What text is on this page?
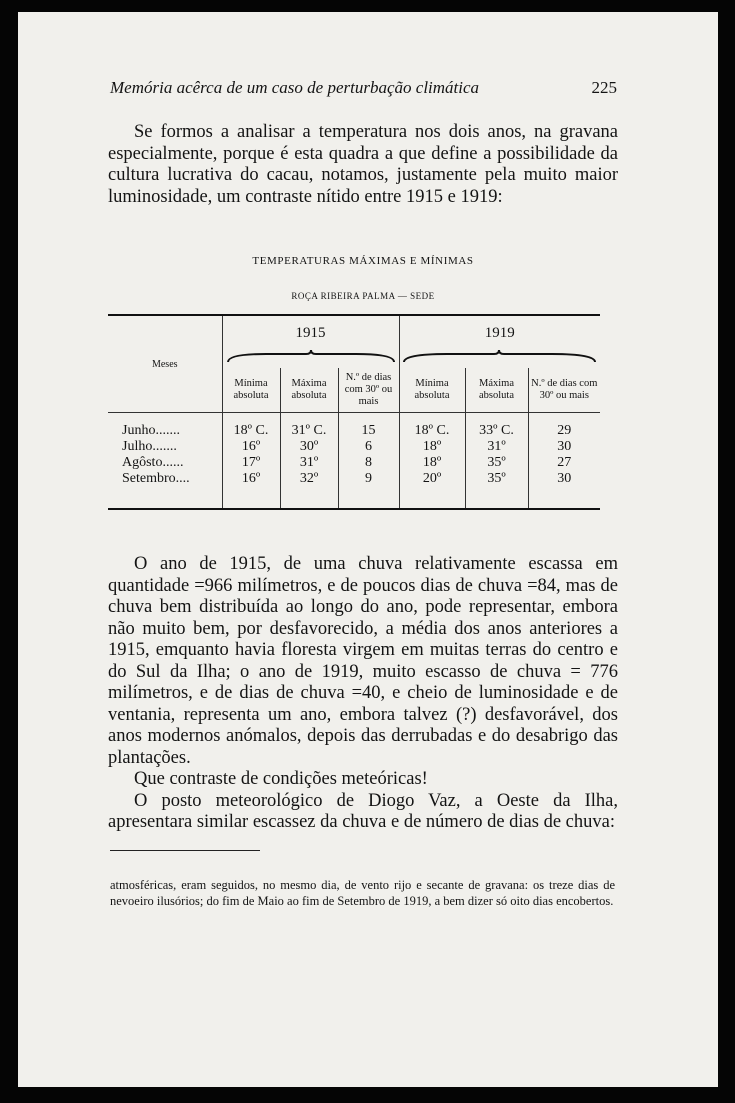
Memória acêrca de um caso de perturbação climática	225

Se formos a analisar a temperatura nos dois anos, na gravana especialmente, porque é esta quadra a que define a possibilidade da cultura lucrativa do cacau, notamos, justamente pela muito maior luminosidade, um contraste nítido entre 1915 e 1919:

TEMPERATURAS MÁXIMAS E MÍNIMAS
ROÇA RIBEIRA PALMA — SEDE
Meses	1915			1919		

	Mínima absoluta	Máxima absoluta	N.º de dias com 30º ou mais	Mínima absoluta	Máxima absoluta	N.º de dias com 30º ou mais

Junho.......	18º C.	31º C.	15	18º C.	33º C.	29
Julho.......	16º	30º	6	18º	31º	30
Agôsto......	17º	31º	8	18º	35º	27
Setembro....	16º	32º	9	20º	35º	30

O ano de 1915, de uma chuva relativamente escassa em quantidade =966 milímetros, e de poucos dias de chuva =84, mas de chuva bem distribuída ao longo do ano, pode representar, embora não muito bem, por desfavorecido, a média dos anos anteriores a 1915, emquanto havia floresta virgem em muitas terras do centro e do Sul da Ilha; o ano de 1919, muito escasso de chuva = 776 milímetros, e de dias de chuva =40, e cheio de luminosidade e de ventania, representa um ano, embora talvez (?) desfavorável, dos anos modernos anómalos, depois das derrubadas e do desabrigo das plantações.

Que contraste de condições meteóricas!

O posto meteorológico de Diogo Vaz, a Oeste da Ilha, apresentara similar escassez da chuva e de número de dias de chuva:

atmosféricas, eram seguidos, no mesmo dia, de vento rijo e secante de gravana: os treze dias de nevoeiro ilusórios; do fim de Maio ao fim de Setembro de 1919, a bem dizer só oito dias encobertos.
